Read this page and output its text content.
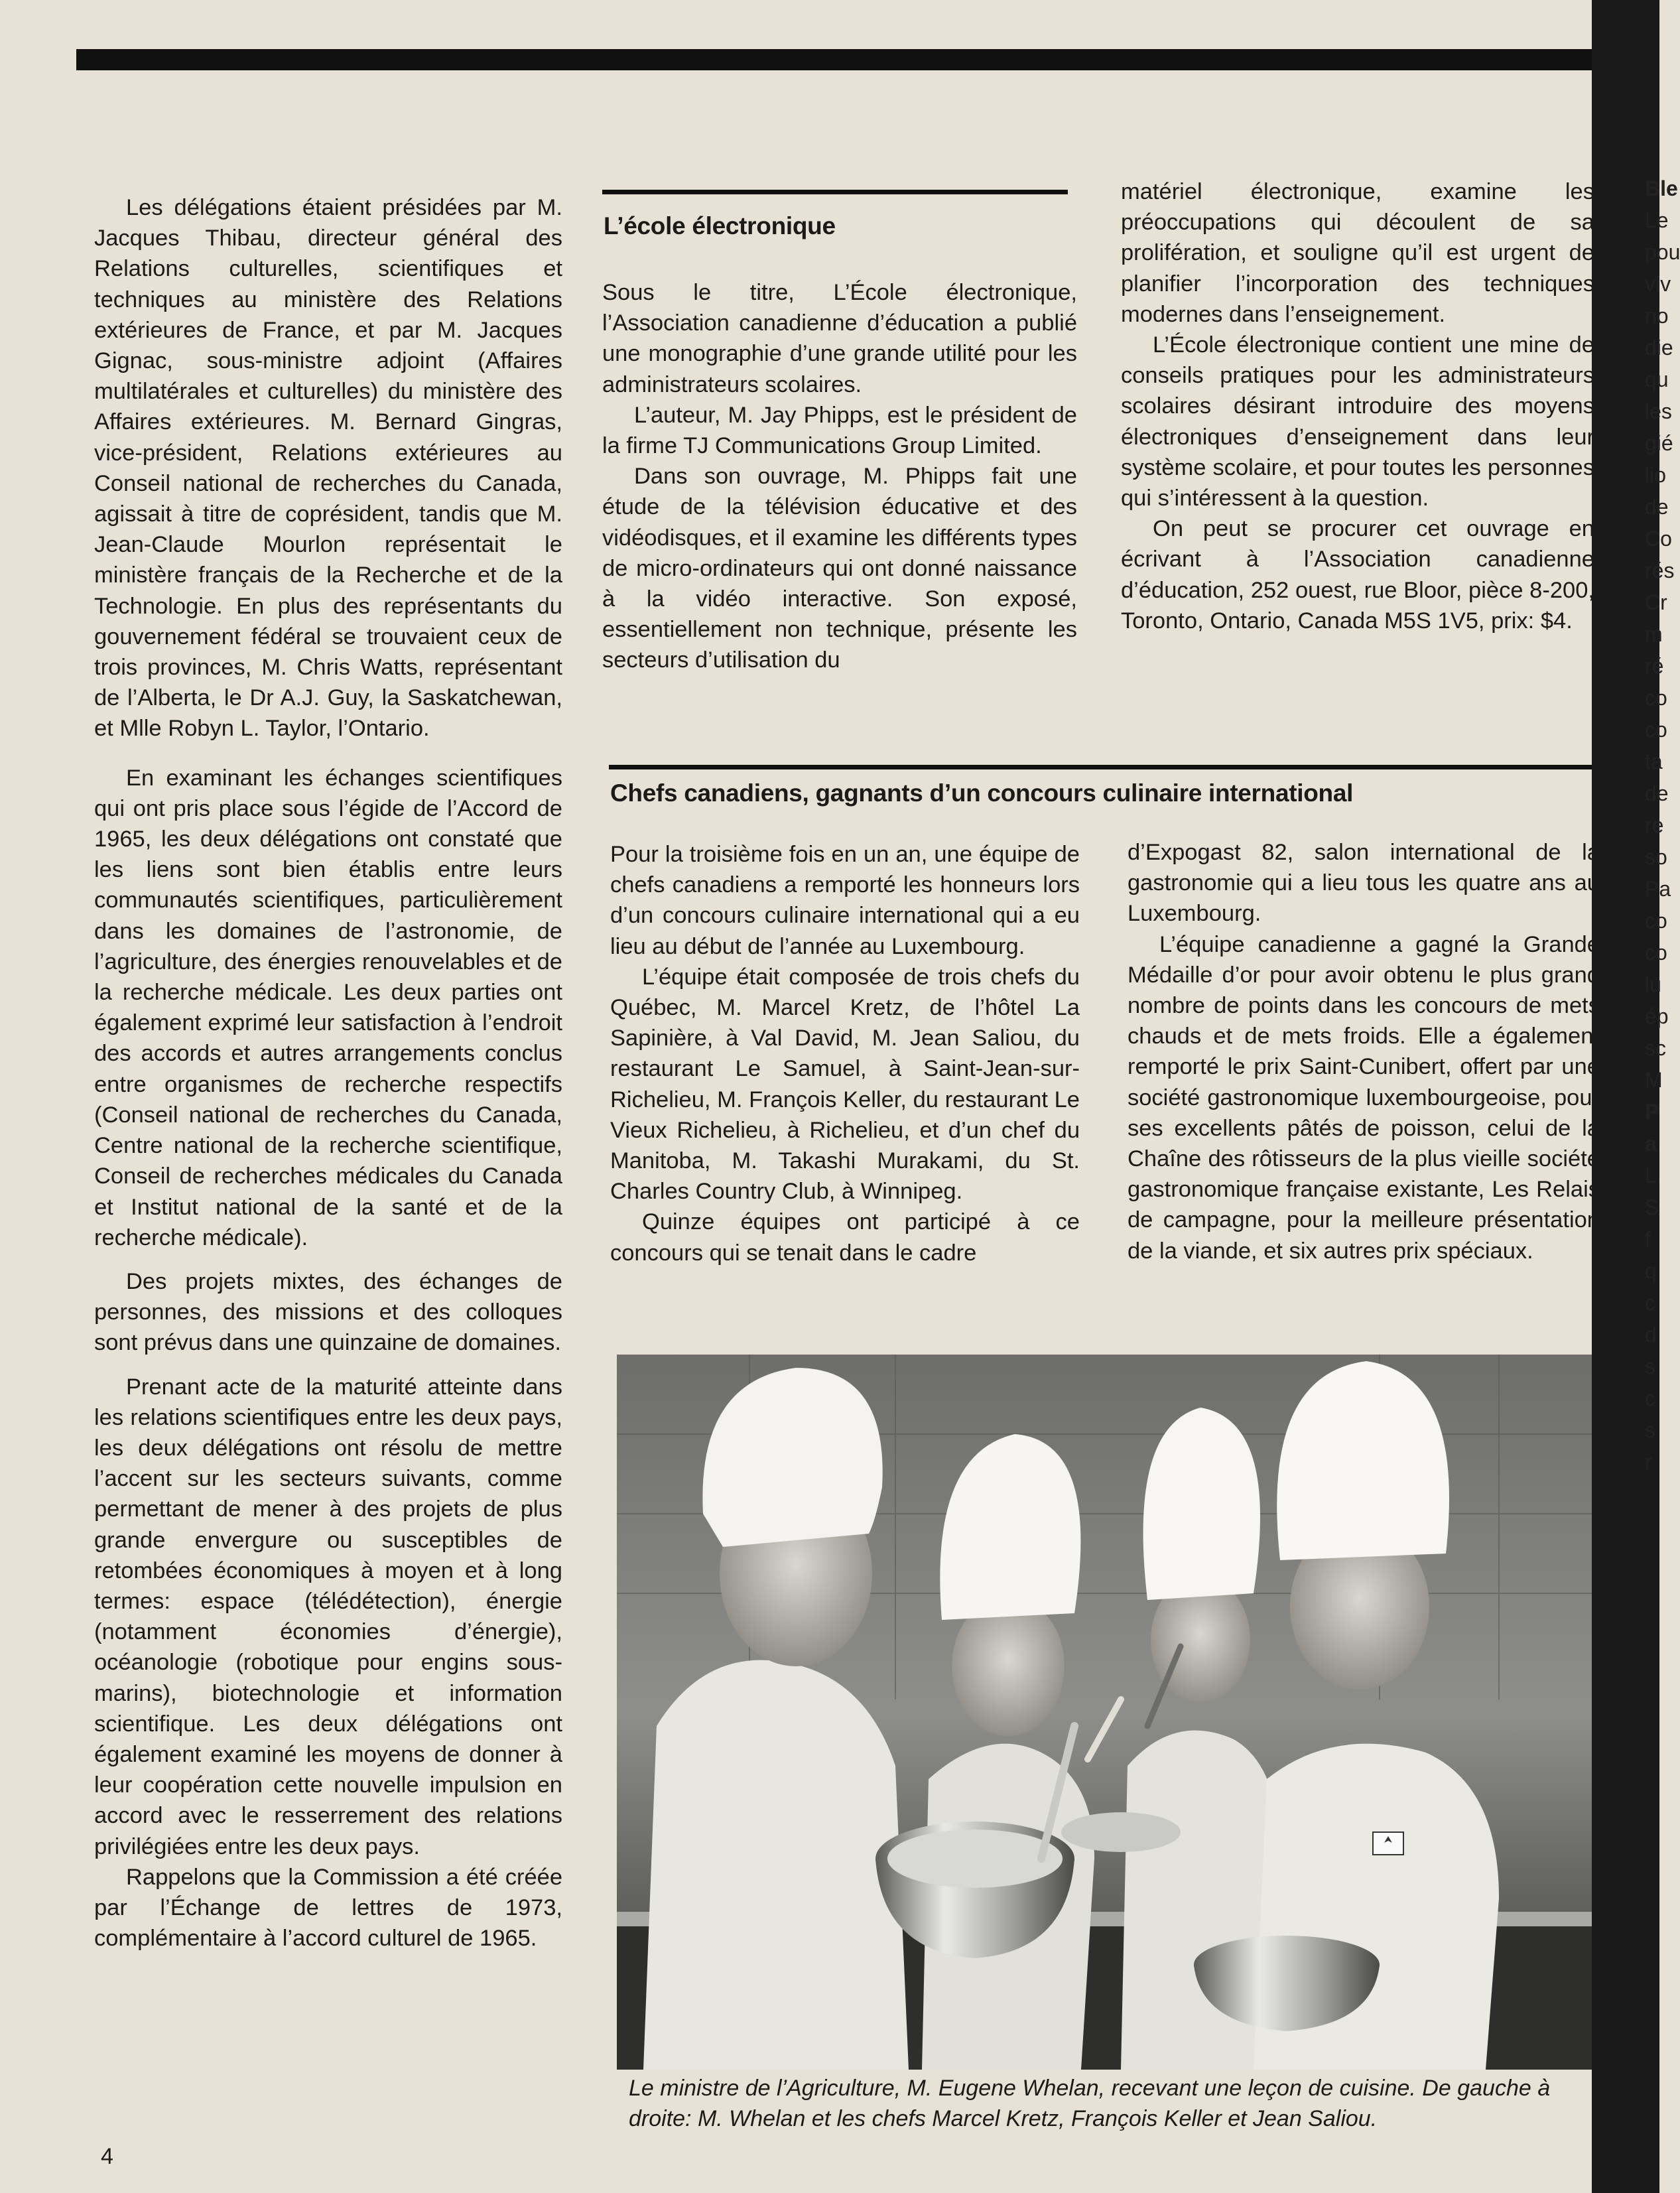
Les délégations étaient présidées par M. Jacques Thibau, directeur général des Relations culturelles, scientifiques et techniques au ministère des Relations extérieures de France, et par M. Jacques Gignac, sous-ministre adjoint (Affaires multilatérales et culturelles) du ministère des Affaires extérieures. M. Bernard Gingras, vice-président, Relations extérieures au Conseil national de recherches du Canada, agissait à titre de coprésident, tandis que M. Jean-Claude Mourlon représentait le ministère français de la Recherche et de la Technologie. En plus des représentants du gouvernement fédéral se trouvaient ceux de trois provinces, M. Chris Watts, représentant de l’Alberta, le Dr A.J. Guy, la Saskatchewan, et Mlle Robyn L. Taylor, l’Ontario.

En examinant les échanges scientifiques qui ont pris place sous l’égide de l’Accord de 1965, les deux délégations ont constaté que les liens sont bien établis entre leurs communautés scientifiques, particulièrement dans les domaines de l’astronomie, de l’agriculture, des énergies renouvelables et de la recherche médicale. Les deux parties ont également exprimé leur satisfaction à l’endroit des accords et autres arrangements conclus entre organismes de recherche respectifs (Conseil national de recherches du Canada, Centre national de la recherche scientifique, Conseil de recherches médicales du Canada et Institut national de la santé et de la recherche médicale).

Des projets mixtes, des échanges de personnes, des missions et des colloques sont prévus dans une quinzaine de domaines.

Prenant acte de la maturité atteinte dans les relations scientifiques entre les deux pays, les deux délégations ont résolu de mettre l’accent sur les secteurs suivants, comme permettant de mener à des projets de plus grande envergure ou susceptibles de retombées économiques à moyen et à long termes: espace (télédétection), énergie (notamment économies d’énergie), océanologie (robotique pour engins sous-marins), biotechnologie et information scientifique. Les deux délégations ont également examiné les moyens de donner à leur coopération cette nouvelle impulsion en accord avec le resserrement des relations privilégiées entre les deux pays.

Rappelons que la Commission a été créée par l’Échange de lettres de 1973, complémentaire à l’accord culturel de 1965.

L’école électronique

Sous le titre, L’École électronique, l’Association canadienne d’éducation a publié une monographie d’une grande utilité pour les administrateurs scolaires.

L’auteur, M. Jay Phipps, est le président de la firme TJ Communications Group Limited.

Dans son ouvrage, M. Phipps fait une étude de la télévision éducative et des vidéodisques, et il examine les différents types de micro-ordinateurs qui ont donné naissance à la vidéo interactive. Son exposé, essentiellement non technique, présente les secteurs d’utilisation du

matériel électronique, examine les préoccupations qui découlent de sa prolifération, et souligne qu’il est urgent de planifier l’incorporation des techniques modernes dans l’enseignement.

L’École électronique contient une mine de conseils pratiques pour les administrateurs scolaires désirant introduire des moyens électroniques d’enseignement dans leur système scolaire, et pour toutes les personnes qui s’intéressent à la question.

On peut se procurer cet ouvrage en écrivant à l’Association canadienne d’éducation, 252 ouest, rue Bloor, pièce 8-200, Toronto, Ontario, Canada M5S 1V5, prix: $4.

Chefs canadiens, gagnants d’un concours culinaire international

Pour la troisième fois en un an, une équipe de chefs canadiens a remporté les honneurs lors d’un concours culinaire international qui a eu lieu au début de l’année au Luxembourg.

L’équipe était composée de trois chefs du Québec, M. Marcel Kretz, de l’hôtel La Sapinière, à Val David, M. Jean Saliou, du restaurant Le Samuel, à Saint-Jean-sur-Richelieu, M. François Keller, du restaurant Le Vieux Richelieu, à Richelieu, et d’un chef du Manitoba, M. Takashi Murakami, du St. Charles Country Club, à Winnipeg.

Quinze équipes ont participé à ce concours qui se tenait dans le cadre

d’Expogast 82, salon international de la gastronomie qui a lieu tous les quatre ans au Luxembourg.

L’équipe canadienne a gagné la Grande Médaille d’or pour avoir obtenu le plus grand nombre de points dans les concours de mets chauds et de mets froids. Elle a également remporté le prix Saint-Cunibert, offert par une société gastronomique luxembourgeoise, pour ses excellents pâtés de poisson, celui de la Chaîne des rôtisseurs de la plus vieille société gastronomique française existante, Les Relais de campagne, pour la meilleure présentation de la viande, et six autres prix spéciaux.

Le ministre de l’Agriculture, M. Eugene Whelan, recevant une leçon de cuisine. De gauche à droite: M. Whelan et les chefs Marcel Kretz, François Keller et Jean Saliou.
4
Ble
Le
pou
viv
no
die
qu
les
gié
lio
de
Co
rés
Cr
m
ré
co
co
ta
de
re
so
Pa
co
co
lu
ép
sc
M
P
a
L
S
f
q
c
d
s
c
s
r
